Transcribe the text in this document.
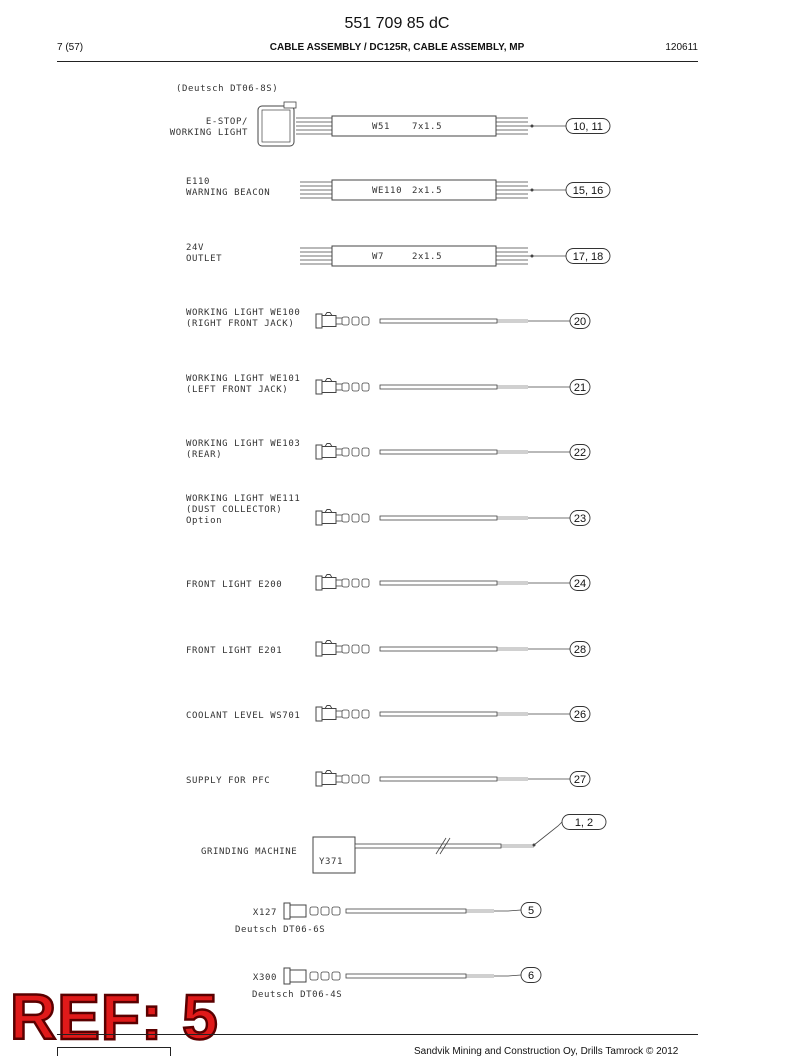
551 709 85 dC
7 (57)	CABLE ASSEMBLY / DC125R, CABLE ASSEMBLY, MP	120611
(Deutsch DT06-8S)
E-STOP/
WORKING LIGHT
W51 7x1.5	10, 11
E110
WARNING BEACON	WE110 2x1.5	15, 16
24V
OUTLET	W7	2x1.5	17, 18
WORKING LIGHT WE100
(RIGHT FRONT JACK)	20
WORKING LIGHT WE101
(LEFT FRONT JACK)	21
WORKING LIGHT WE103
(REAR)	22
WORKING LIGHT WE111
(DUST COLLECTOR)
Option	23
FRONT LIGHT E200	24
FRONT LIGHT E201	28
COOLANT LEVEL WS701	26
SUPPLY FOR PFC	27
GRINDING MACHINE
Y371
1, 2
X127
Deutsch DT06-6S
5
X300
Deutsch DT06-4S
6
REF: 5	Sandvik Mining and Construction Oy, Drills Tamrock © 2012
